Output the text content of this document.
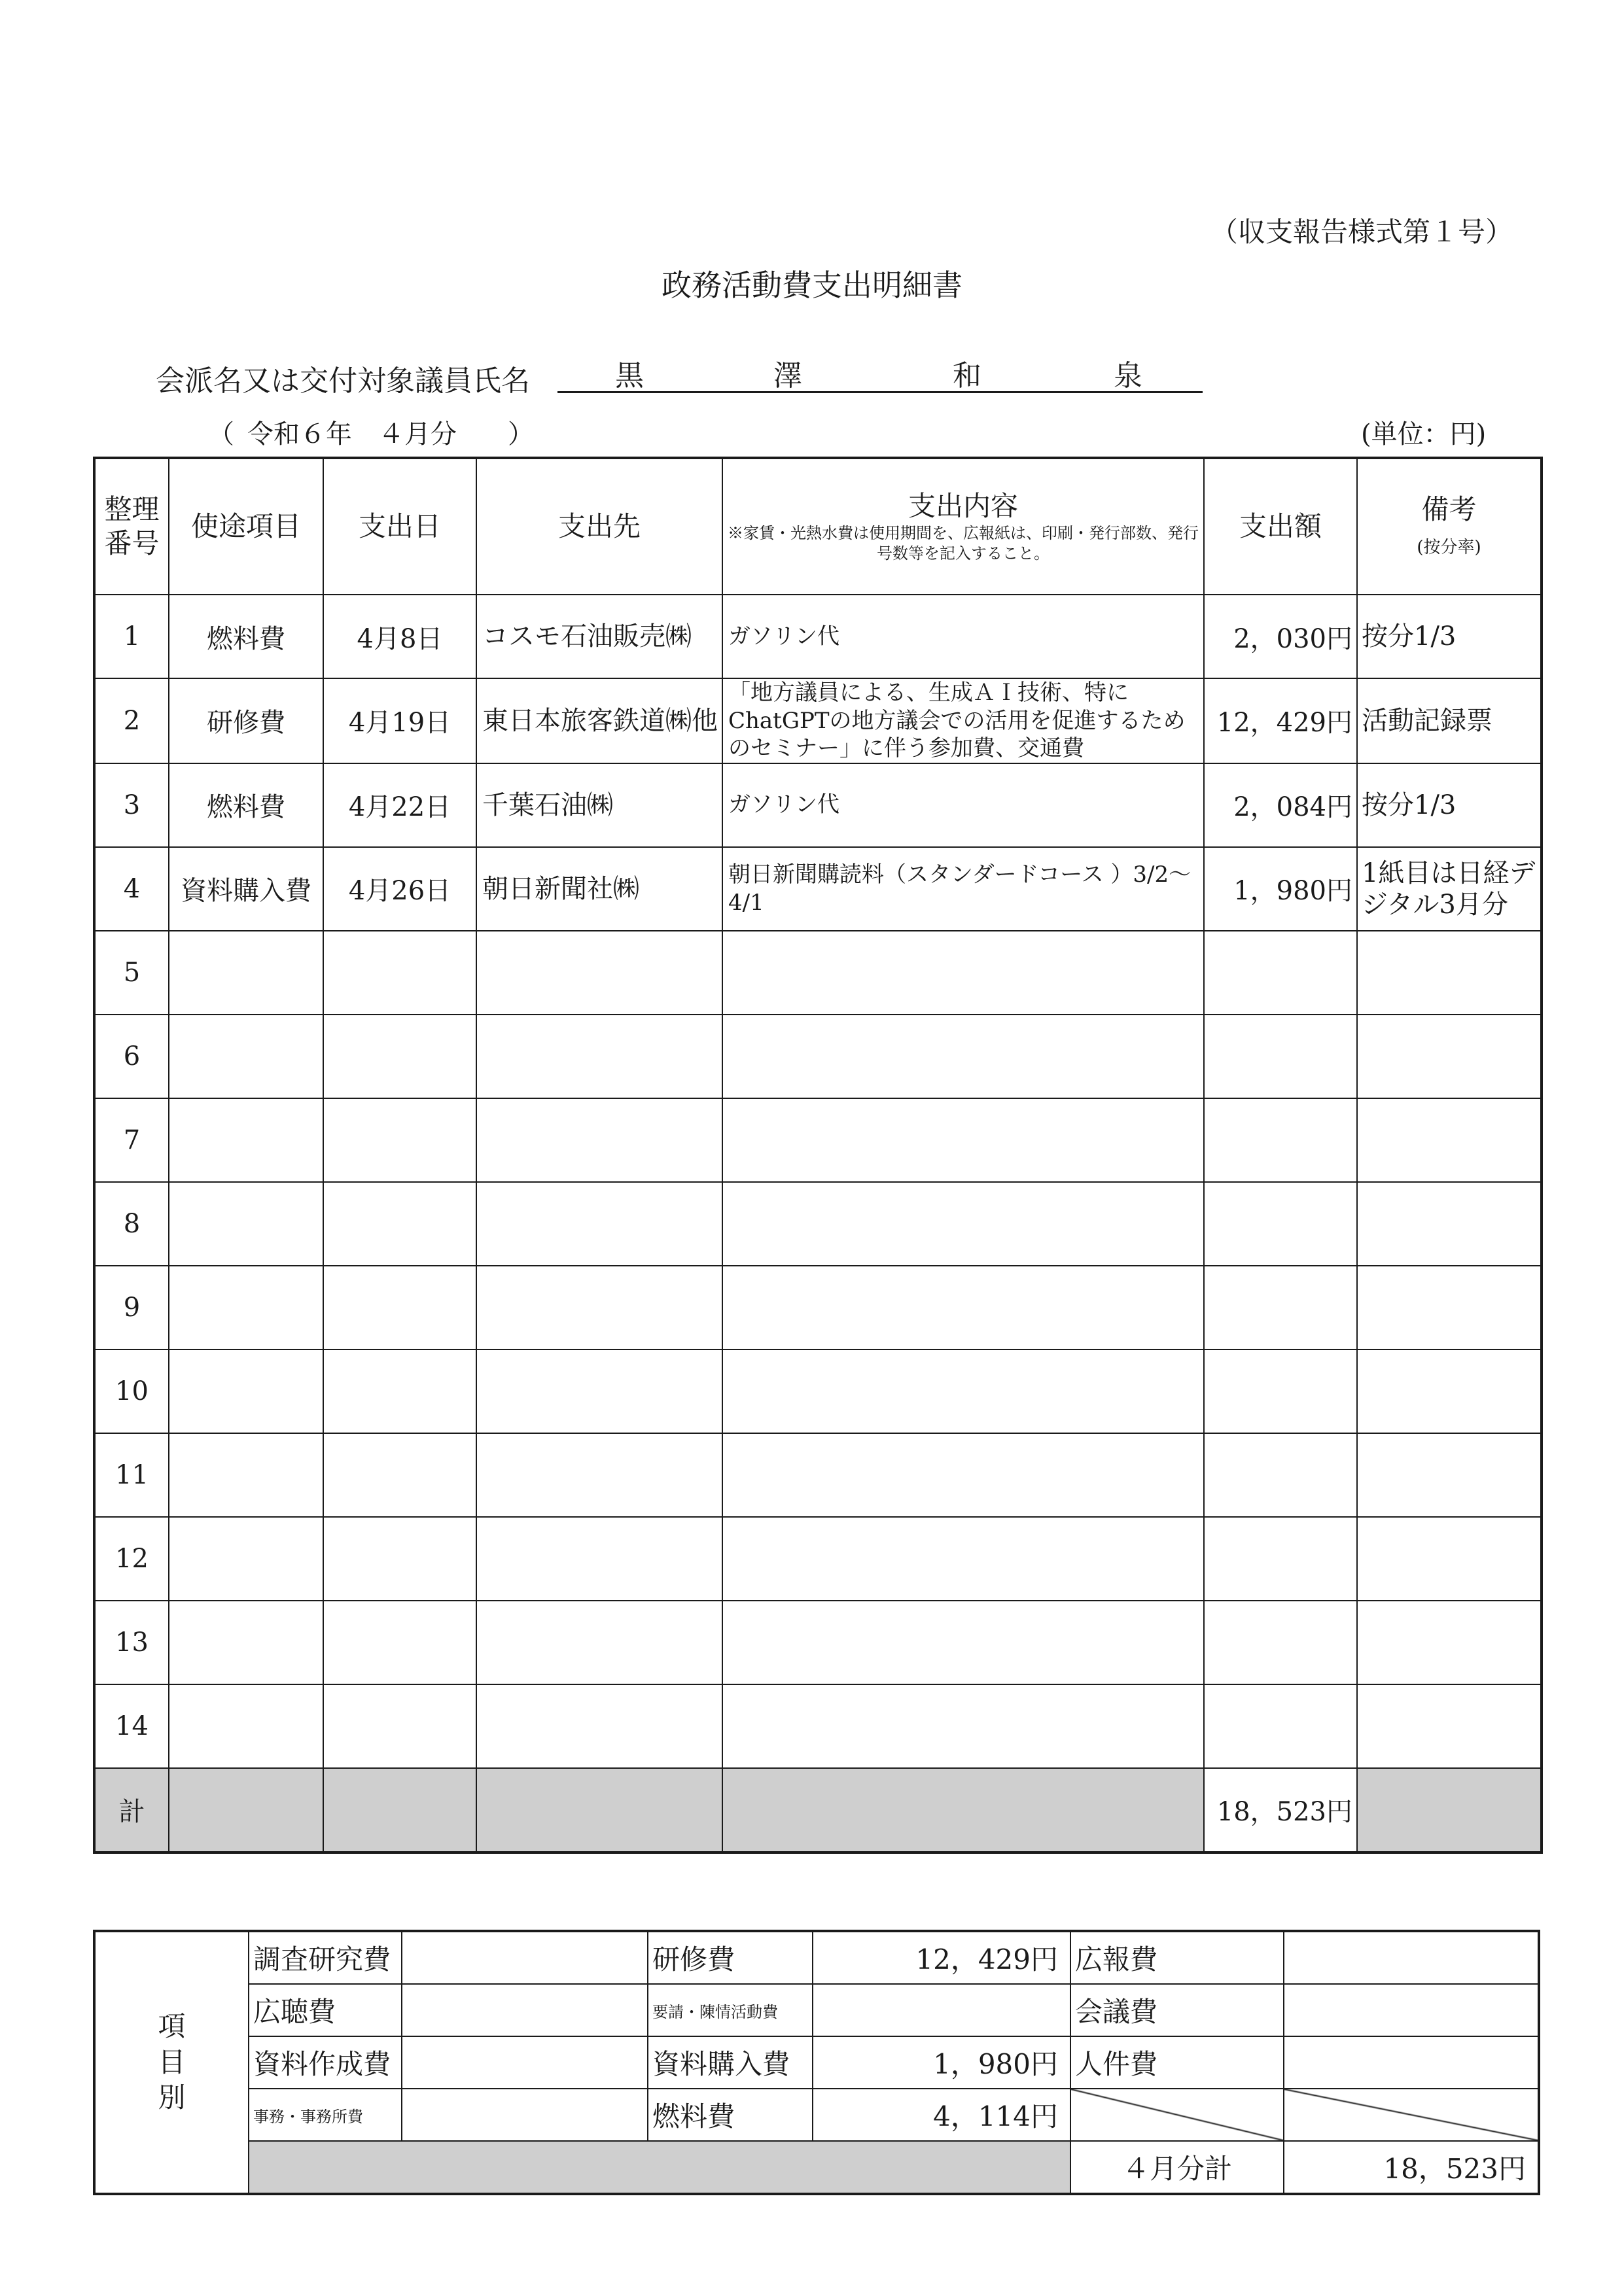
（収支報告様式第１号）
政務活動費支出明細書
会派名又は交付対象議員氏名	黒	澤	和	泉
（ 令和６年　４月分 ）	(単位：円)
整理
番号	使途項目	支出日	支出先	支出内容
※家賃・光熱水費は使用期間を、広報紙は、印刷・発行部数、発行号数等を記入すること。	支出額	備考
(按分率)
1	燃料費	4月8日	コスモ石油販売㈱	ガソリン代	2，030円	按分1/3
2	研修費	4月19日	東日本旅客鉄道㈱他	「地方議員による、生成ＡＩ技術、特にChatGPTの地方議会での活用を促進するためのセミナー」に伴う参加費、交通費	12，429円	活動記録票
3	燃料費	4月22日	千葉石油㈱	ガソリン代	2，084円	按分1/3
4	資料購入費	4月26日	朝日新聞社㈱	朝日新聞購読料（スタンダードコース ）3/2～4/1	1，980円	1紙目は日経デジタル3月分
5						
6						
7						
8						
9						
10						
11						
12						
13						
14						
計					18，523円	
項
目
別	調査研究費		研修費	12，429円	広報費	
	広聴費		要請・陳情活動費		会議費	
	資料作成費		資料購入費	1，980円	人件費	
	事務・事務所費		燃料費	4，114円		
					４月分計	18，523円
